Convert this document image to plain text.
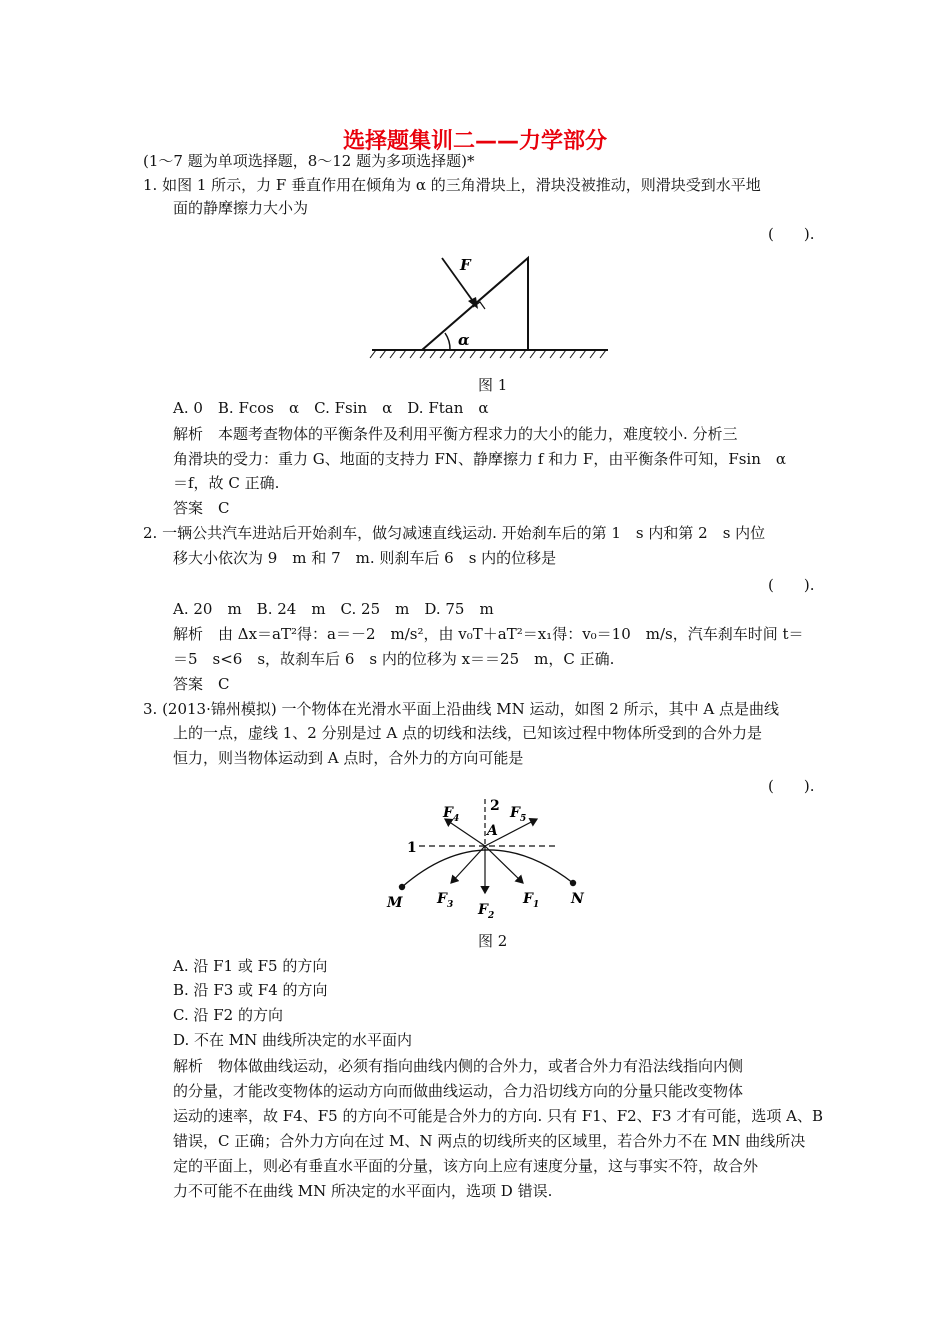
选择题集训二——力学部分
(1～7 题为单项选择题，8～12 题为多项选择题)*
1. 如图 1 所示，力 F 垂直作用在倾角为 α 的三角滑块上，滑块没被推动，则滑块受到水平地
面的静摩擦力大小为
(　　).
α
F
图 1
A. 0　B. Fcos　α　C. Fsin　α　D. Ftan　α
解析　本题考查物体的平衡条件及利用平衡方程求力的大小的能力，难度较小. 分析三
角滑块的受力：重力 G、地面的支持力 FN、静摩擦力 f 和力 F，由平衡条件可知，Fsin　α
＝f，故 C 正确.
答案　C
2. 一辆公共汽车进站后开始刹车，做匀减速直线运动. 开始刹车后的第 1　s 内和第 2　s 内位
移大小依次为 9　m 和 7　m. 则刹车后 6　s 内的位移是
(　　).
A. 20　m　B. 24　m　C. 25　m　D. 75　m
解析　由 Δx＝aT²得：a＝－2　m/s²，由 v₀T＋aT²＝x₁得：v₀＝10　m/s，汽车刹车时间 t＝
＝5　s<6　s，故刹车后 6　s 内的位移为 x＝＝25　m，C 正确.
答案　C
3. (2013·锦州模拟) 一个物体在光滑水平面上沿曲线 MN 运动，如图 2 所示，其中 A 点是曲线
上的一点，虚线 1、2 分别是过 A 点的切线和法线，已知该过程中物体所受到的合外力是
恒力，则当物体运动到 A 点时，合外力的方向可能是
(　　).
1
2
A
M	N
$F_4$	$F_5$
$F_3$ $F_2$
$F_1$
图 2
A. 沿 F1 或 F5 的方向
B. 沿 F3 或 F4 的方向
C. 沿 F2 的方向
D. 不在 MN 曲线所决定的水平面内
解析　物体做曲线运动，必须有指向曲线内侧的合外力，或者合外力有沿法线指向内侧
的分量，才能改变物体的运动方向而做曲线运动，合力沿切线方向的分量只能改变物体
运动的速率，故 F4、F5 的方向不可能是合外力的方向. 只有 F1、F2、F3 才有可能，选项 A、B
错误，C 正确；合外力方向在过 M、N 两点的切线所夹的区域里，若合外力不在 MN 曲线所决
定的平面上，则必有垂直水平面的分量，该方向上应有速度分量，这与事实不符，故合外
力不可能不在曲线 MN 所决定的水平面内，选项 D 错误.
